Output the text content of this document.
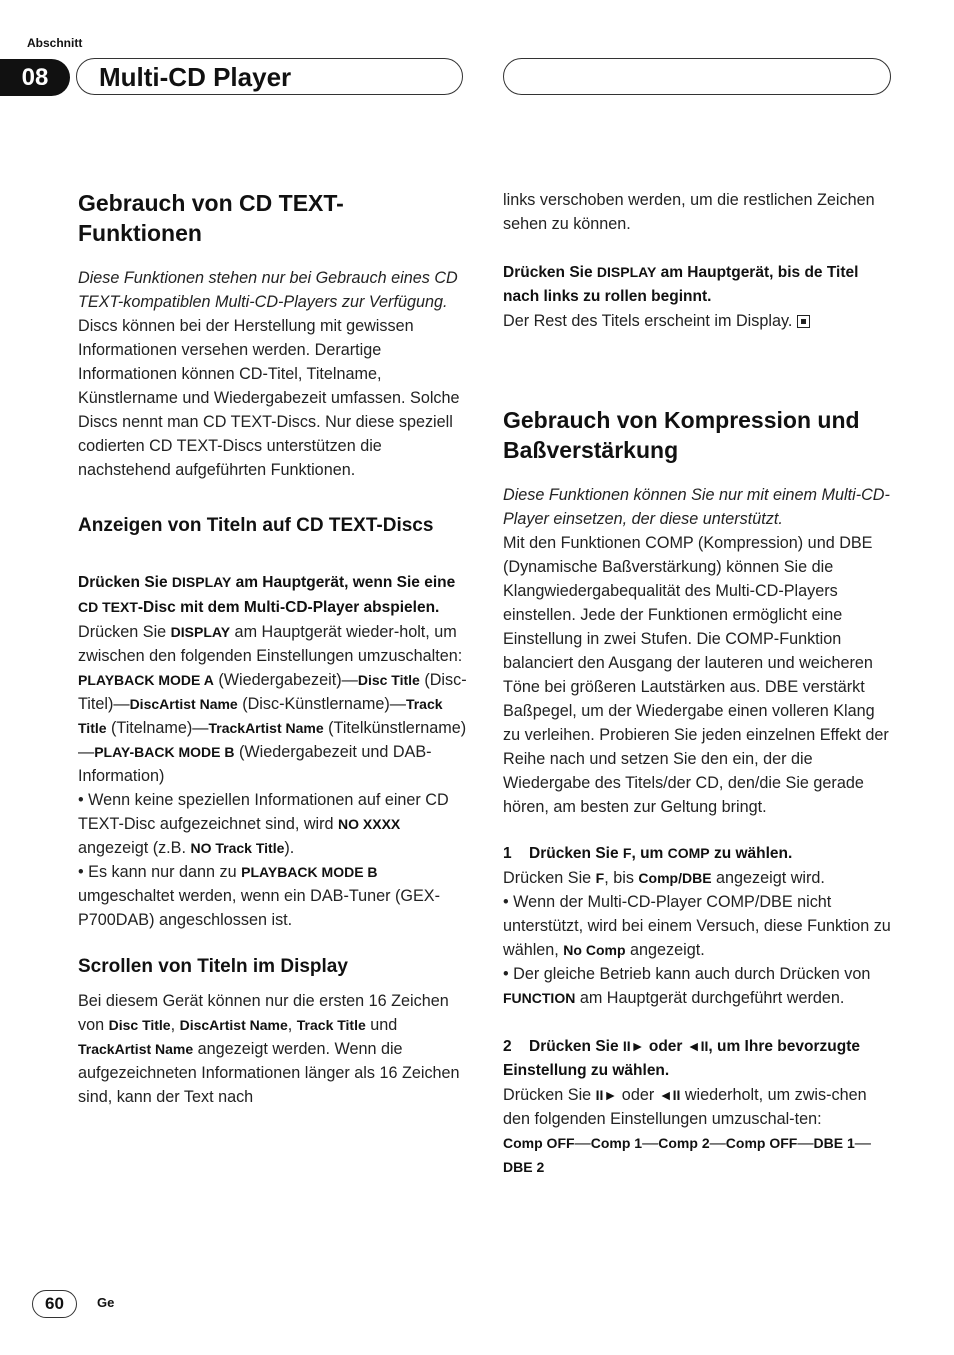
Abschnitt
08	Multi-CD Player
Gebrauch von CD TEXT-Funktionen

Diese Funktionen stehen nur bei Gebrauch eines CD TEXT-kompatiblen Multi-CD-Players zur Verfügung.

Discs können bei der Herstellung mit gewissen Informationen versehen werden. Derartige Informationen können CD-Titel, Titelname, Künstlername und Wiedergabezeit umfassen. Solche Discs nennt man CD TEXT-Discs. Nur diese speziell codierten CD TEXT-Discs unterstützen die nachstehend aufgeführten Funktionen.

Anzeigen von Titeln auf CD TEXT-Discs

Drücken Sie DISPLAY am Hauptgerät, wenn Sie eine CD TEXT-Disc mit dem Multi-CD-Player abspielen.

Drücken Sie DISPLAY am Hauptgerät wieder-holt, um zwischen den folgenden Einstellungen umzuschalten:

PLAYBACK MODE A (Wiedergabezeit)—Disc Title (Disc-Titel)—DiscArtist Name (Disc-Künstlername)—Track Title (Titelname)—TrackArtist Name (Titelkünstlername)—PLAY-BACK MODE B (Wiedergabezeit und DAB-Information)

• Wenn keine speziellen Informationen auf einer CD TEXT-Disc aufgezeichnet sind, wird NO XXXX angezeigt (z.B. NO Track Title).

• Es kann nur dann zu PLAYBACK MODE B umgeschaltet werden, wenn ein DAB-Tuner (GEX-P700DAB) angeschlossen ist.

Scrollen von Titeln im Display

Bei diesem Gerät können nur die ersten 16 Zeichen von Disc Title, DiscArtist Name, Track Title und TrackArtist Name angezeigt werden. Wenn die aufgezeichneten Informationen länger als 16 Zeichen sind, kann der Text nach

links verschoben werden, um die restlichen Zeichen sehen zu können.

Drücken Sie DISPLAY am Hauptgerät, bis de Titel nach links zu rollen beginnt.

Der Rest des Titels erscheint im Display.

Gebrauch von Kompression und Baßverstärkung

Diese Funktionen können Sie nur mit einem Multi-CD-Player einsetzen, der diese unterstützt.

Mit den Funktionen COMP (Kompression) und DBE (Dynamische Baßverstärkung) können Sie die Klangwiedergabequalität des Multi-CD-Players einstellen. Jede der Funktionen ermöglicht eine Einstellung in zwei Stufen. Die COMP-Funktion balanciert den Ausgang der lauteren und weicheren Töne bei größeren Lautstärken aus. DBE verstärkt Baßpegel, um der Wiedergabe einen volleren Klang zu verleihen. Probieren Sie jeden einzelnen Effekt der Reihe nach und setzen Sie den ein, der die Wiedergabe des Titels/der CD, den/die Sie gerade hören, am besten zur Geltung bringt.

1 Drücken Sie F, um COMP zu wählen.

Drücken Sie F, bis Comp/DBE angezeigt wird.

• Wenn der Multi-CD-Player COMP/DBE nicht unterstützt, wird bei einem Versuch, diese Funktion zu wählen, No Comp angezeigt.

• Der gleiche Betrieb kann auch durch Drücken von FUNCTION am Hauptgerät durchgeführt werden.

2 Drücken Sie II► oder ◄II, um Ihre bevorzugte Einstellung zu wählen.

Drücken Sie II► oder ◄II wiederholt, um zwis-chen den folgenden Einstellungen umzuschal-ten:

Comp OFF—Comp 1—Comp 2—Comp OFF—DBE 1—DBE 2

60	Ge
